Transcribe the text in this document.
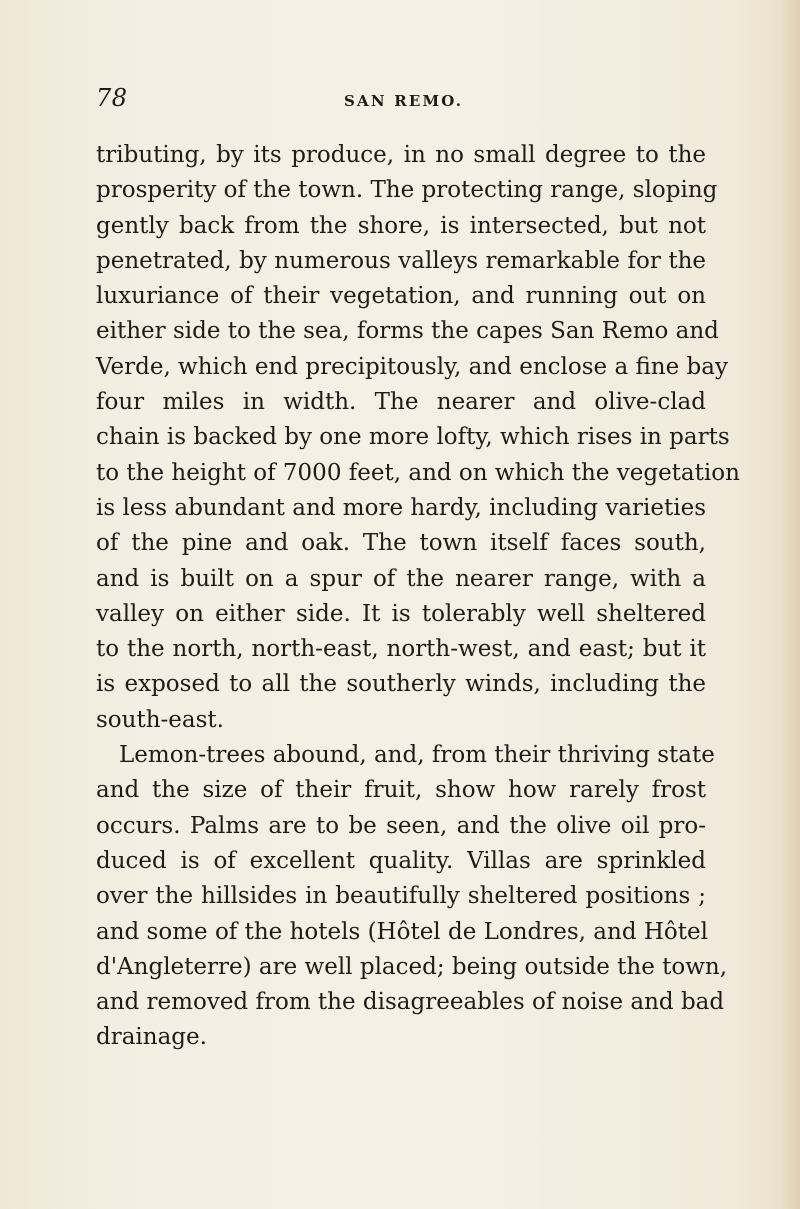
78	SAN REMO.

tributing, by its produce, in no small degree to the
prosperity of the town. The protecting range, sloping
gently back from the shore, is intersected, but not
penetrated, by numerous valleys remarkable for the
luxuriance of their vegetation, and running out on
either side to the sea, forms the capes San Remo and
Verde, which end precipitously, and enclose a fine bay
four miles in width. The nearer and olive-clad
chain is backed by one more lofty, which rises in parts
to the height of 7000 feet, and on which the vegetation
is less abundant and more hardy, including varieties
of the pine and oak. The town itself faces south,
and is built on a spur of the nearer range, with a
valley on either side. It is tolerably well sheltered
to the north, north-east, north-west, and east; but it
is exposed to all the southerly winds, including the
south-east.

Lemon-trees abound, and, from their thriving state
and the size of their fruit, show how rarely frost
occurs. Palms are to be seen, and the olive oil pro-
duced is of excellent quality. Villas are sprinkled
over the hillsides in beautifully sheltered positions ;
and some of the hotels (Hôtel de Londres, and Hôtel
d'Angleterre) are well placed; being outside the town,
and removed from the disagreeables of noise and bad
drainage.
